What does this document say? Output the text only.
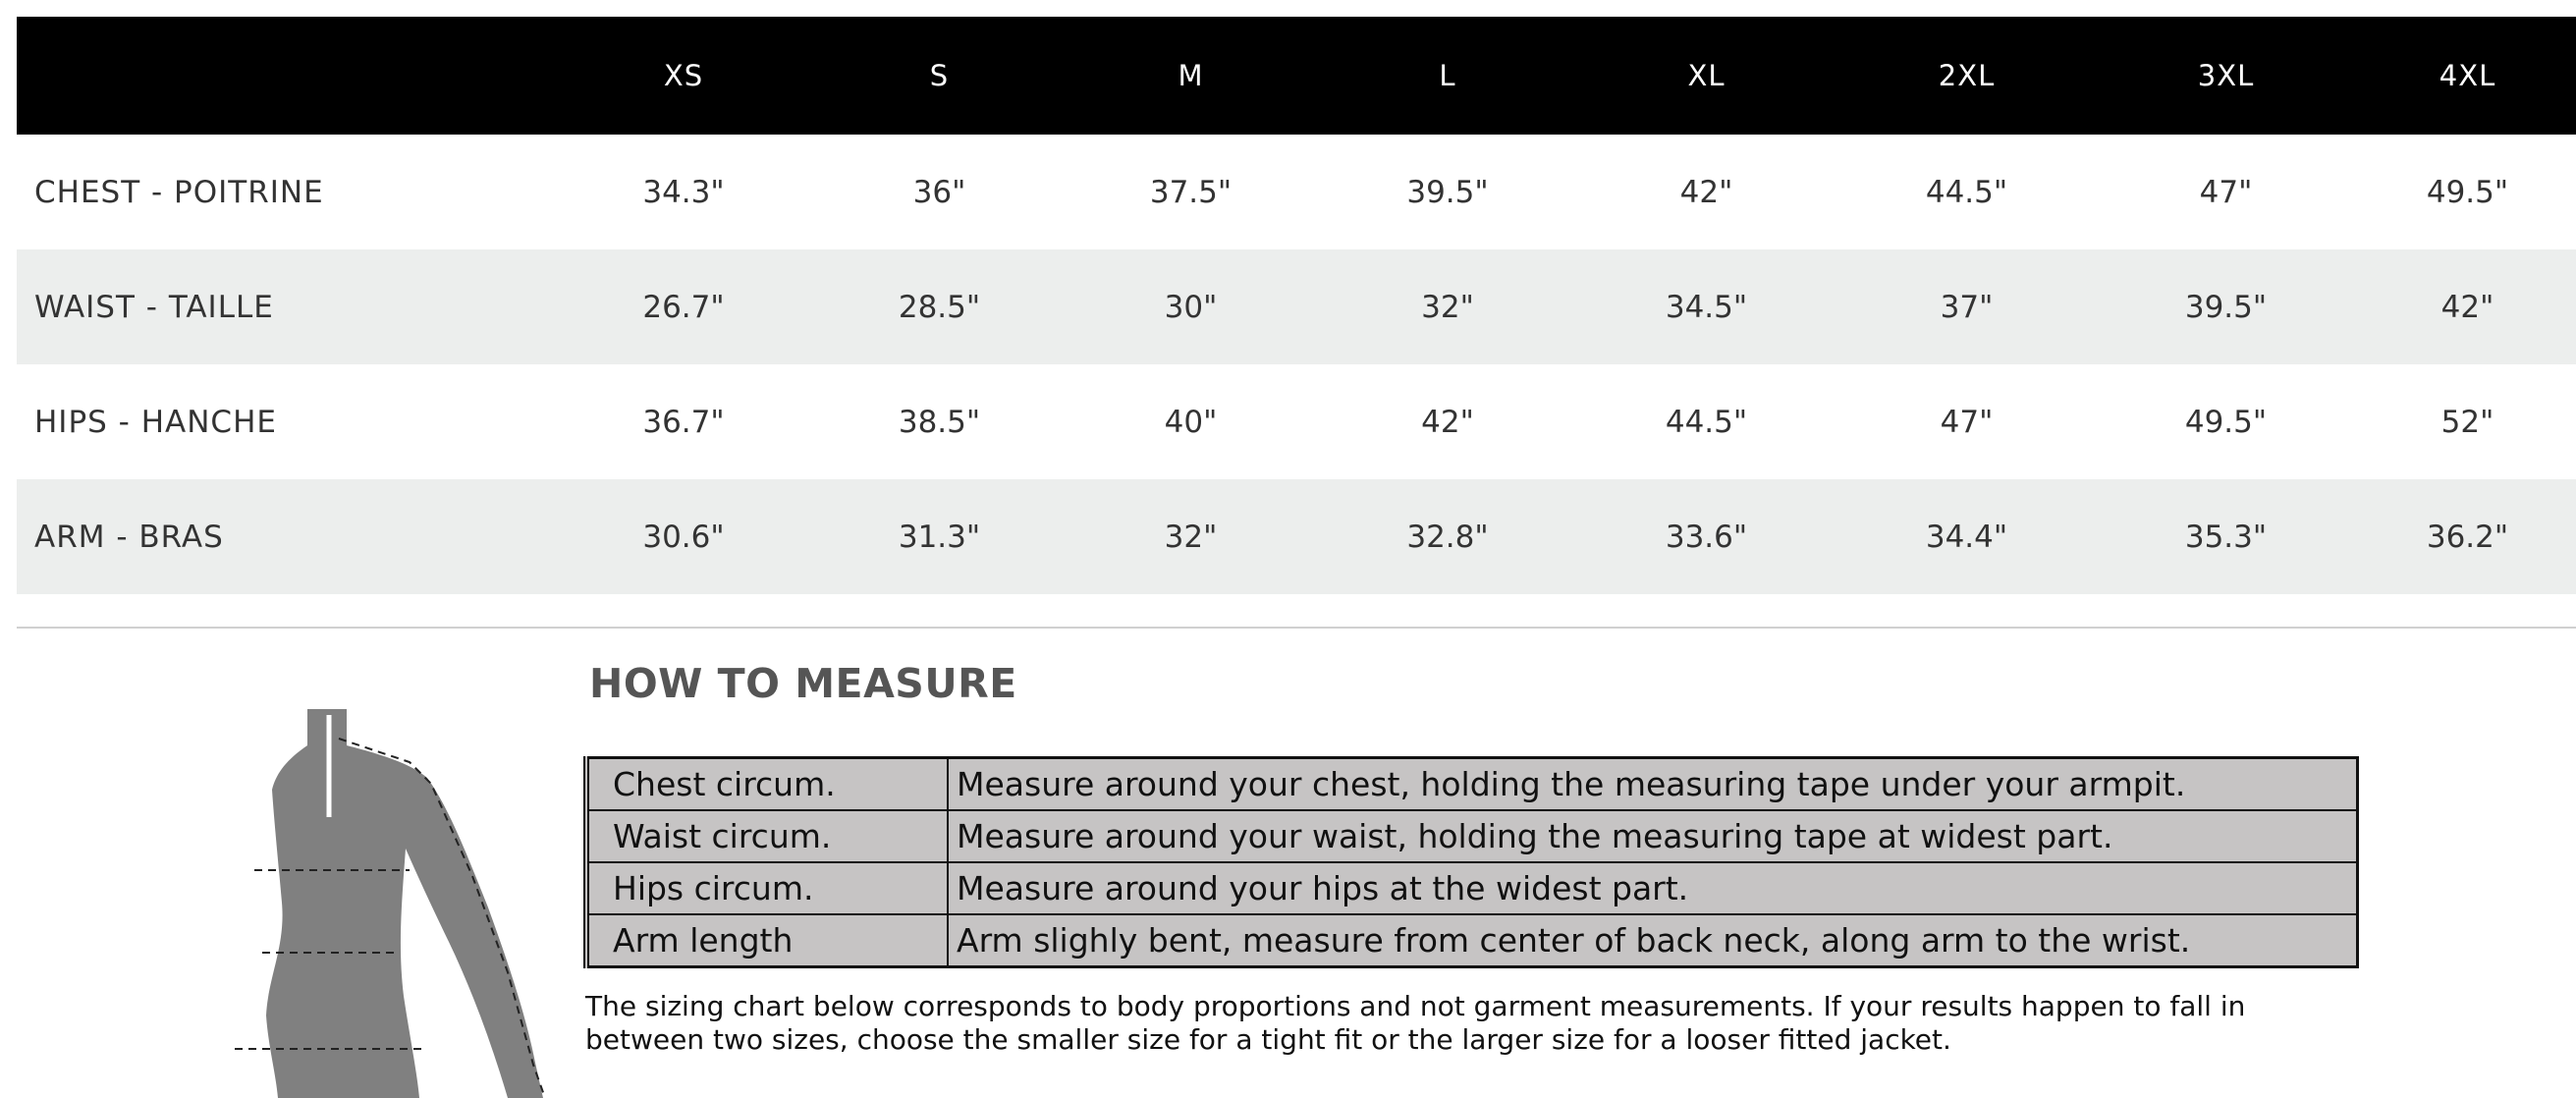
	XS	S	M	L	XL	2XL	3XL	4XL
CHEST - POITRINE	34.3"	36"	37.5"	39.5"	42"	44.5"	47"	49.5"
WAIST - TAILLE	26.7"	28.5"	30"	32"	34.5"	37"	39.5"	42"
HIPS - HANCHE	36.7"	38.5"	40"	42"	44.5"	47"	49.5"	52"
ARM - BRAS	30.6"	31.3"	32"	32.8"	33.6"	34.4"	35.3"	36.2"
HOW TO MEASURE
Chest circum.	Measure around your chest, holding the measuring tape under your armpit.
Waist circum.	Measure around your waist, holding the measuring tape at widest part.
Hips circum.	Measure around your hips at the widest part.
Arm length	Arm slighly bent, measure from center of back neck, along arm to the wrist.

The sizing chart below corresponds to body proportions and not garment measurements. If your results happen to fall in between two sizes, choose the smaller size for a tight fit or the larger size for a looser fitted jacket.
